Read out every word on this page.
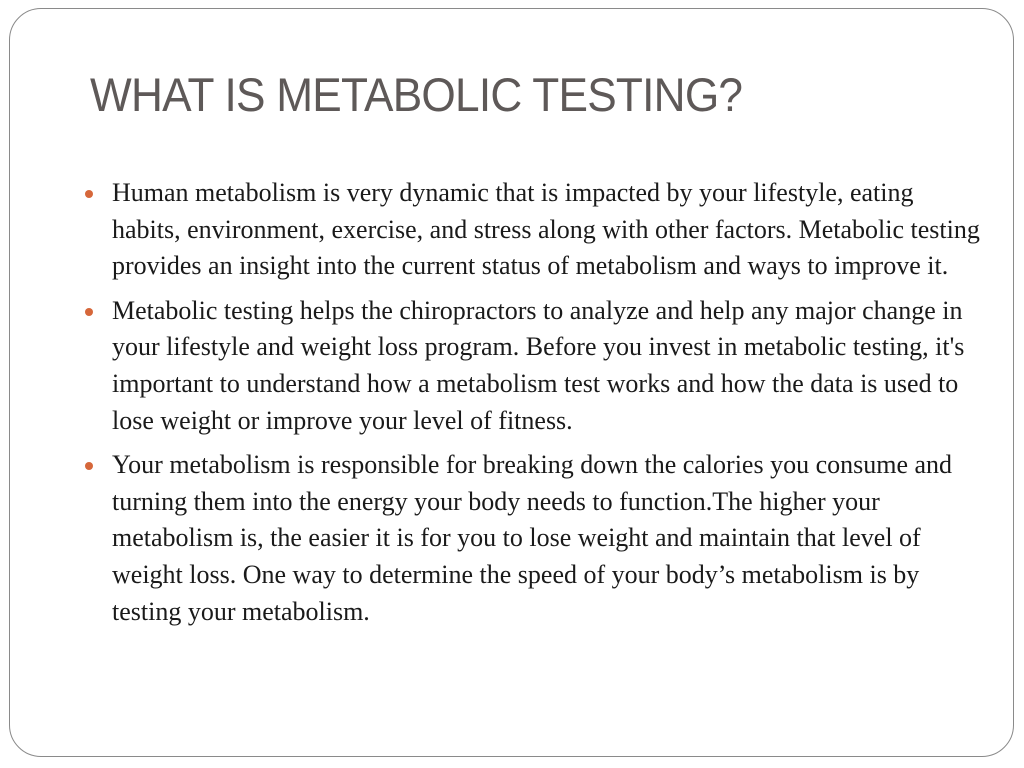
WHAT IS METABOLIC TESTING?
Human metabolism is very dynamic that is impacted by your lifestyle, eating habits, environment, exercise, and stress along with other factors. Metabolic testing provides an insight into the current status of metabolism and ways to improve it.
Metabolic testing helps the chiropractors to analyze and help any major change in your lifestyle and weight loss program. Before you invest in metabolic testing, it's important to understand how a metabolism test works and how the data is used to lose weight or improve your level of fitness.
Your metabolism is responsible for breaking down the calories you consume and turning them into the energy your body needs to function.The higher your metabolism is, the easier it is for you to lose weight and maintain that level of weight loss. One way to determine the speed of your body’s metabolism is by testing your metabolism.
